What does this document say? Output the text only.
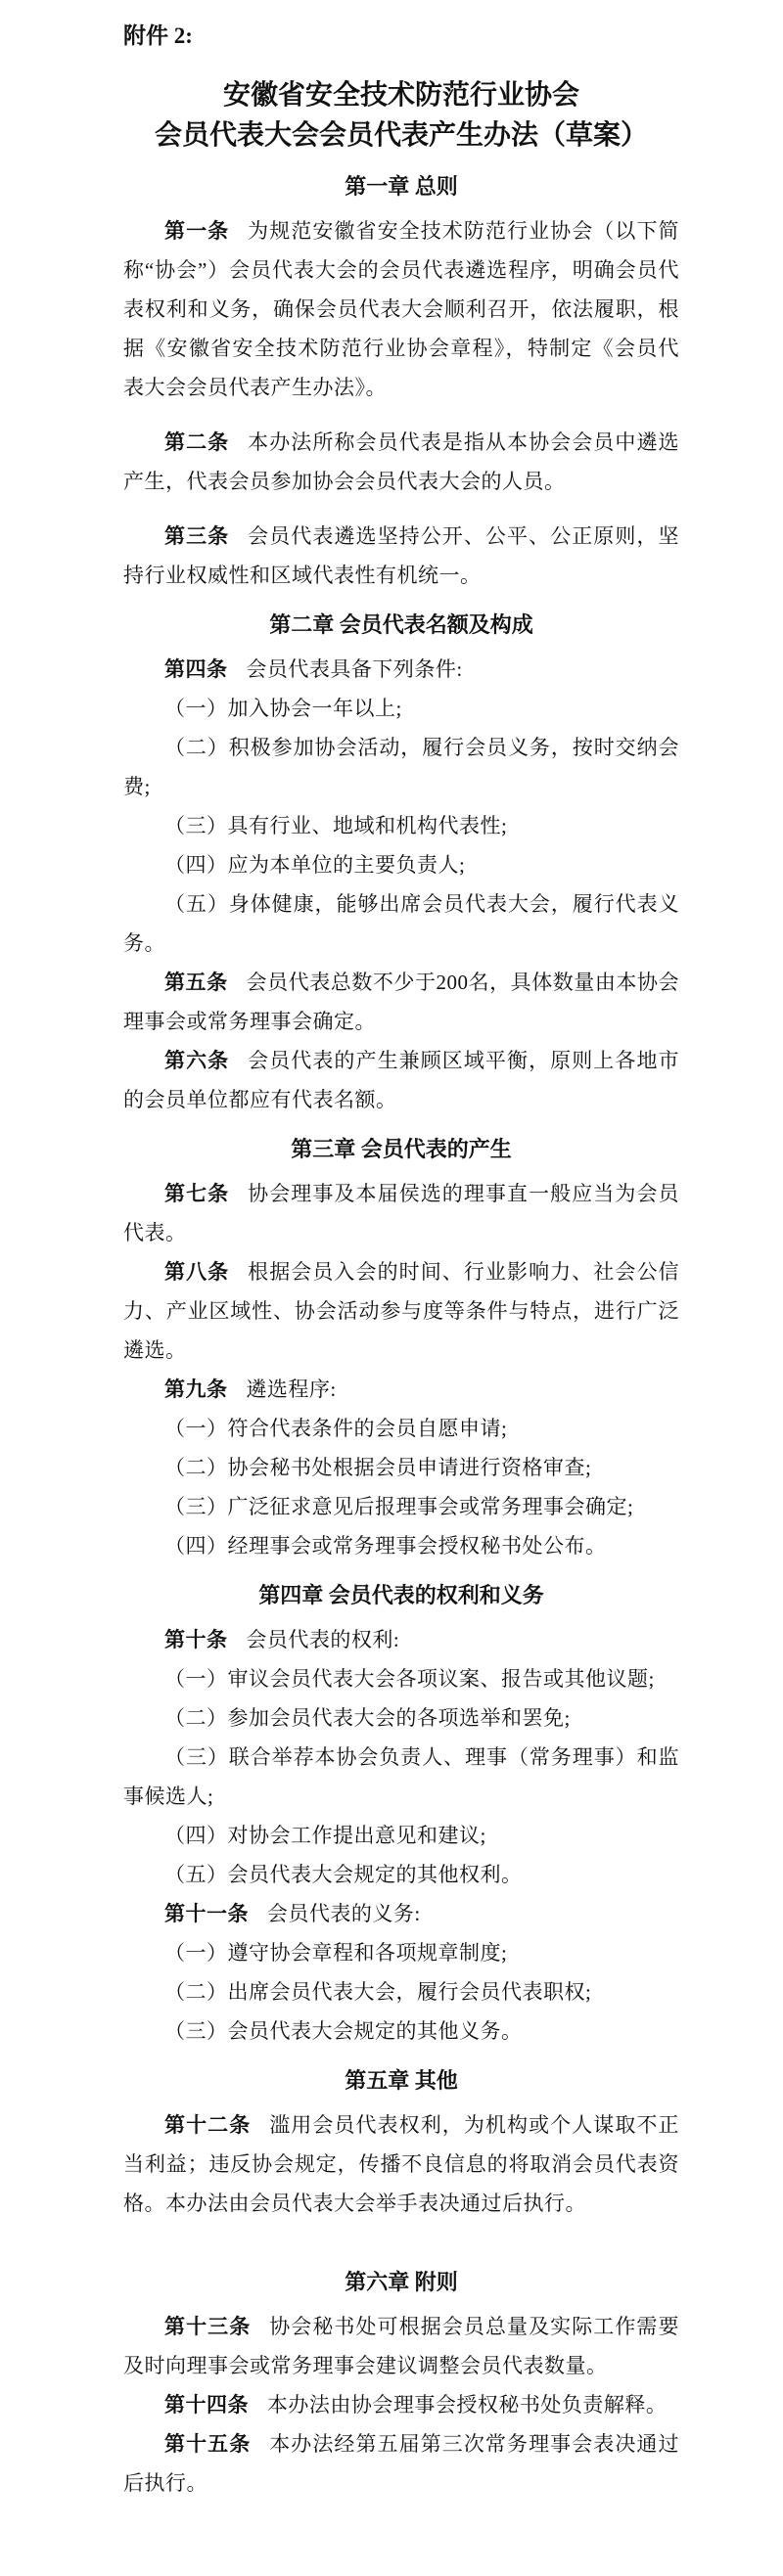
附件 2:
安徽省安全技术防范行业协会
会员代表大会会员代表产生办法（草案）
第一章 总则

第一条 为规范安徽省安全技术防范行业协会（以下简称“协会”）会员代表大会的会员代表遴选程序，明确会员代表权利和义务，确保会员代表大会顺利召开，依法履职，根据《安徽省安全技术防范行业协会章程》，特制定《会员代表大会会员代表产生办法》。

第二条 本办法所称会员代表是指从本协会会员中遴选产生，代表会员参加协会会员代表大会的人员。

第三条 会员代表遴选坚持公开、公平、公正原则，坚持行业权威性和区域代表性有机统一。

第二章 会员代表名额及构成

第四条 会员代表具备下列条件:

（一）加入协会一年以上;

（二）积极参加协会活动，履行会员义务，按时交纳会费;

（三）具有行业、地域和机构代表性;

（四）应为本单位的主要负责人;

（五）身体健康，能够出席会员代表大会，履行代表义务。

第五条 会员代表总数不少于200名，具体数量由本协会理事会或常务理事会确定。

第六条 会员代表的产生兼顾区域平衡，原则上各地市的会员单位都应有代表名额。

第三章 会员代表的产生

第七条 协会理事及本届侯选的理事直一般应当为会员代表。

第八条 根据会员入会的时间、行业影响力、社会公信力、产业区域性、协会活动参与度等条件与特点，进行广泛遴选。

第九条 遴选程序:

（一）符合代表条件的会员自愿申请;

（二）协会秘书处根据会员申请进行资格审查;

（三）广泛征求意见后报理事会或常务理事会确定;

（四）经理事会或常务理事会授权秘书处公布。

第四章 会员代表的权利和义务

第十条 会员代表的权利:

（一）审议会员代表大会各项议案、报告或其他议题;

（二）参加会员代表大会的各项选举和罢免;

（三）联合举荐本协会负责人、理事（常务理事）和监事候选人;

（四）对协会工作提出意见和建议;

（五）会员代表大会规定的其他权利。

第十一条 会员代表的义务:

（一）遵守协会章程和各项规章制度;

（二）出席会员代表大会，履行会员代表职权;

（三）会员代表大会规定的其他义务。

第五章 其他

第十二条 滥用会员代表权利，为机构或个人谋取不正当利益；违反协会规定，传播不良信息的将取消会员代表资格。本办法由会员代表大会举手表决通过后执行。

第六章 附则

第十三条 协会秘书处可根据会员总量及实际工作需要及时向理事会或常务理事会建议调整会员代表数量。

第十四条 本办法由协会理事会授权秘书处负责解释。

第十五条 本办法经第五届第三次常务理事会表决通过后执行。
